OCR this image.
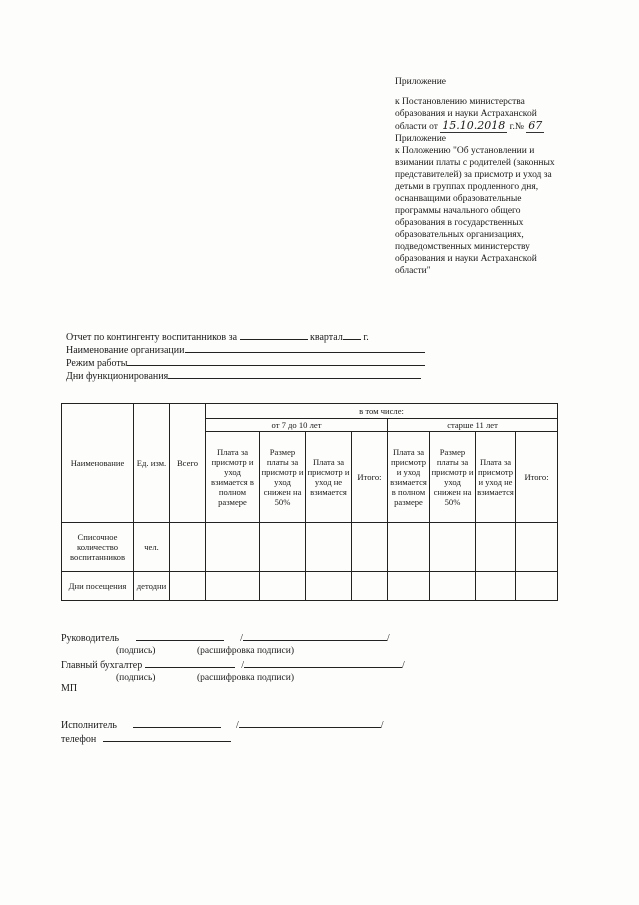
Приложение
к Постановлению министерства
образования и науки Астраханской
области от 15.10.2018 г.№ 67
Приложение
к Положению "Об установлении и
взимании платы с родителей (законных
представителей) за присмотр и уход за
детьми в группах продленного дня,
оснанващими образовательные
программы начального общего
образования в государственных
образовательных организациях,
подведомственных министерству
образования и науки Астраханской
области"
Отчет по контингенту воспитанников за	квартал г.
Наименование организации
Режим работы
Дни функционирования
Наименование	Ед. изм.	Всего	в том числе:							
			от 7 до 10 лет				старше 11 лет			
			Плата за присмотр и уход взимается в полном размере	Размер платы за присмотр и уход снижен на 50%	Плата за присмотр и уход не взимается	Итого:	Плата за присмотр и уход взимается в полном размере	Размер платы за присмотр и уход снижен на 50%	Плата за присмотр и уход не взимается	Итого:
Списочное количество воспитанников	чел.									
Дни посещения	детодни									
Руководитель	/	/
(подпись)	(расшифровка подписи)
Главный бухгалтер	/	/
(подпись)	(расшифровка подписи)
МП
Исполнитель	/	/
телефон
